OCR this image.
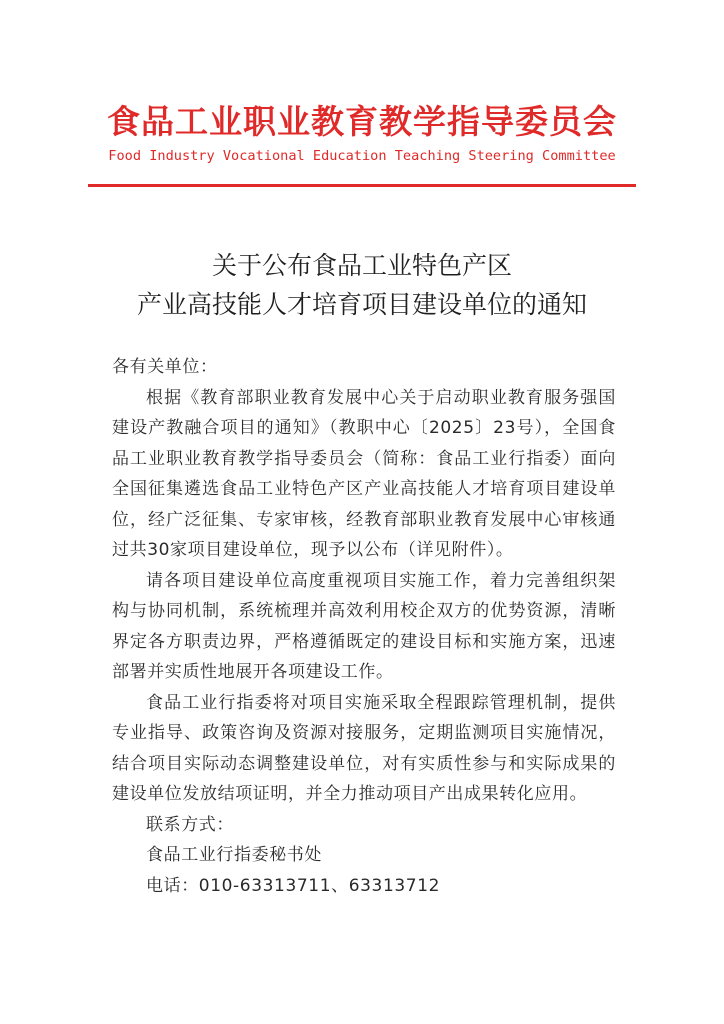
食品工业职业教育教学指导委员会
Food Industry Vocational Education Teaching Steering Committee
关于公布食品工业特色产区
产业高技能人才培育项目建设单位的通知

各有关单位：

根据《教育部职业教育发展中心关于启动职业教育服务强国建设产教融合项目的通知》（教职中心〔2025〕23号），全国食品工业职业教育教学指导委员会（简称：食品工业行指委）面向全国征集遴选食品工业特色产区产业高技能人才培育项目建设单位，经广泛征集、专家审核，经教育部职业教育发展中心审核通过共30家项目建设单位，现予以公布（详见附件）。

请各项目建设单位高度重视项目实施工作，着力完善组织架构与协同机制，系统梳理并高效利用校企双方的优势资源，清晰界定各方职责边界，严格遵循既定的建设目标和实施方案，迅速部署并实质性地展开各项建设工作。

食品工业行指委将对项目实施采取全程跟踪管理机制，提供专业指导、政策咨询及资源对接服务，定期监测项目实施情况，结合项目实际动态调整建设单位，对有实质性参与和实际成果的建设单位发放结项证明，并全力推动项目产出成果转化应用。

联系方式：

食品工业行指委秘书处

电话：010-63313711、63313712
